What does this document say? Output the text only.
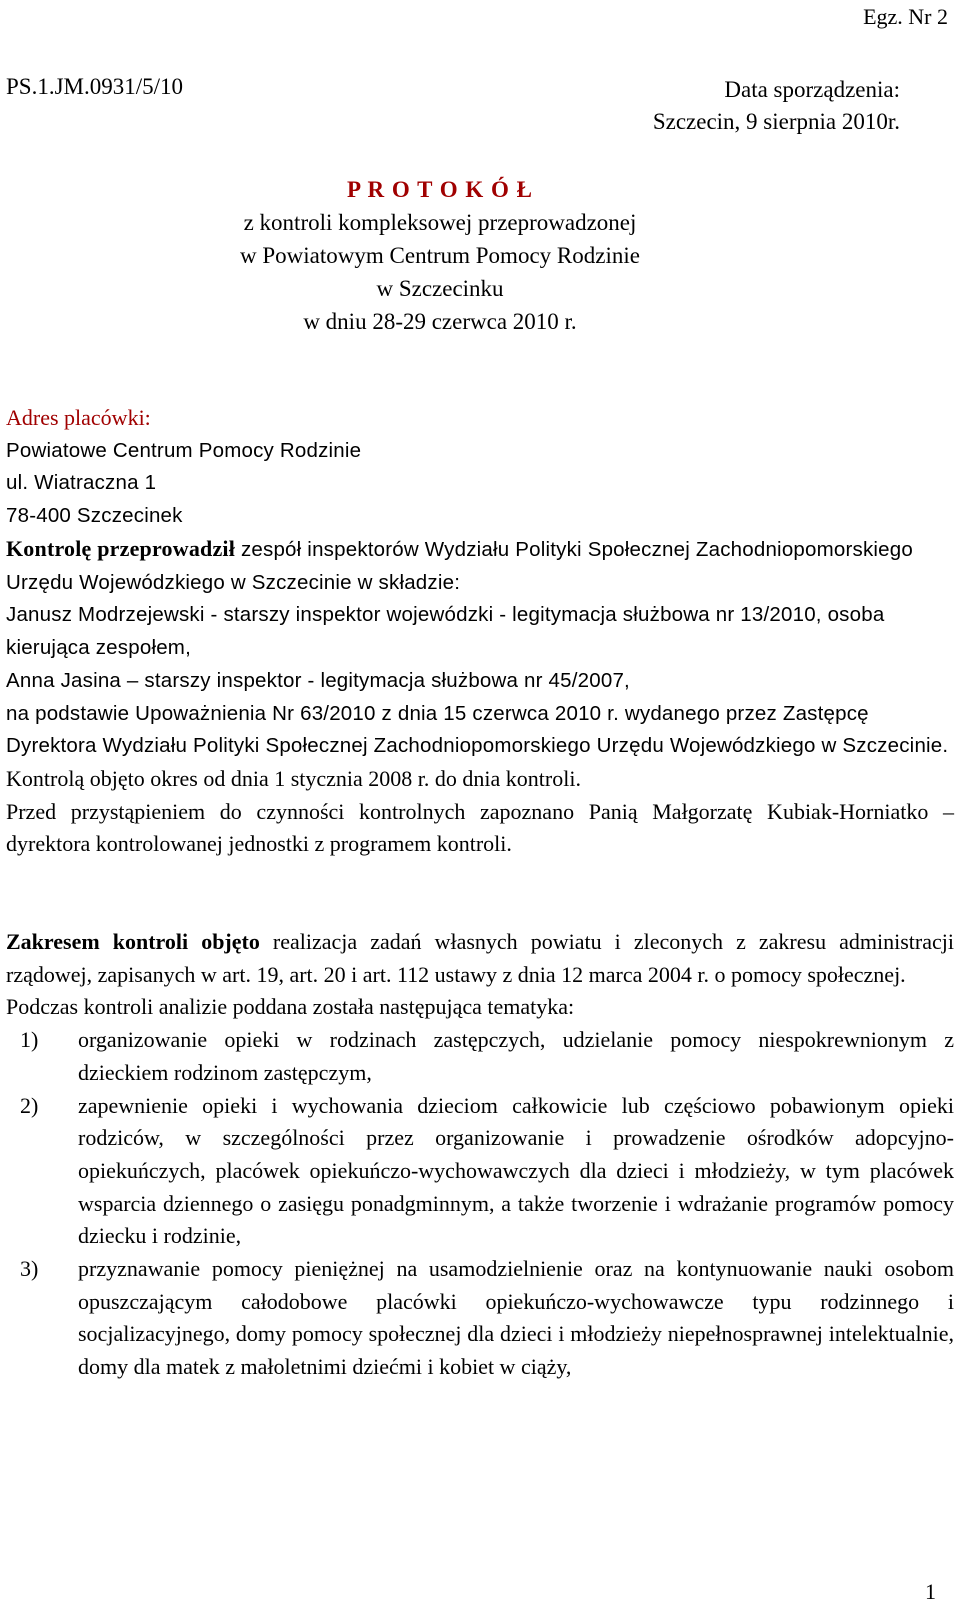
Egz. Nr 2
PS.1.JM.0931/5/10	Data sporządzenia:
Szczecin, 9 sierpnia 2010r.
P R O T O K Ó Ł
z kontroli kompleksowej przeprowadzonej
w Powiatowym Centrum Pomocy Rodzinie
w Szczecinku
w dniu 28-29 czerwca 2010 r.

Adres placówki:

Powiatowe Centrum Pomocy Rodzinie

ul. Wiatraczna 1

78-400 Szczecinek

Kontrolę przeprowadził zespół inspektorów Wydziału Polityki Społecznej Zachodniopomorskiego Urzędu Wojewódzkiego w Szczecinie w składzie:

Janusz Modrzejewski - starszy inspektor wojewódzki - legitymacja służbowa nr 13/2010, osoba kierująca zespołem,

Anna Jasina – starszy inspektor - legitymacja służbowa nr 45/2007,

na podstawie Upoważnienia Nr 63/2010 z dnia 15 czerwca 2010 r. wydanego przez Zastępcę Dyrektora Wydziału Polityki Społecznej Zachodniopomorskiego Urzędu Wojewódzkiego w Szczecinie.

Kontrolą objęto okres od dnia 1 stycznia 2008 r. do dnia kontroli.

Przed przystąpieniem do czynności kontrolnych zapoznano Panią Małgorzatę Kubiak-Horniatko – dyrektora kontrolowanej jednostki z programem kontroli.

Zakresem kontroli objęto realizacja zadań własnych powiatu i zleconych z zakresu administracji rządowej, zapisanych w art. 19, art. 20 i art. 112 ustawy z dnia 12 marca 2004 r. o pomocy społecznej.

Podczas kontroli analizie poddana została następująca tematyka:

1) organizowanie opieki w rodzinach zastępczych, udzielanie pomocy niespokrewnionym z dzieckiem rodzinom zastępczym,
2) zapewnienie opieki i wychowania dzieciom całkowicie lub częściowo pobawionym opieki rodziców, w szczególności przez organizowanie i prowadzenie ośrodków adopcyjno-opiekuńczych, placówek opiekuńczo-wychowawczych dla dzieci i młodzieży, w tym placówek wsparcia dziennego o zasięgu ponadgminnym, a także tworzenie i wdrażanie programów pomocy dziecku i rodzinie,
3) przyznawanie pomocy pieniężnej na usamodzielnienie oraz na kontynuowanie nauki osobom opuszczającym całodobowe placówki opiekuńczo-wychowawcze typu rodzinnego i socjalizacyjnego, domy pomocy społecznej dla dzieci i młodzieży niepełnosprawnej intelektualnie, domy dla matek z małoletnimi dziećmi i kobiet w ciąży,
1
